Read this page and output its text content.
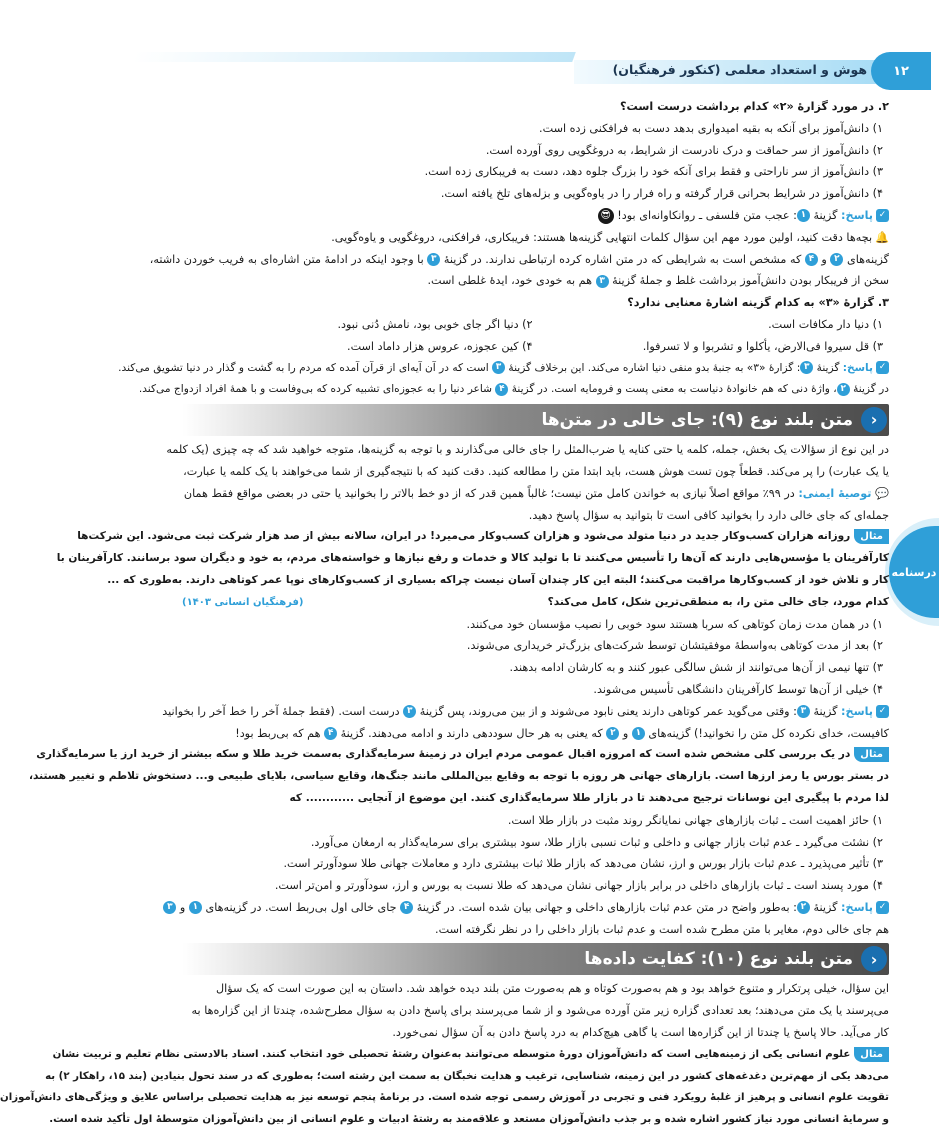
هوش و استعداد معلمی (کنکور فرهنگیان)	۱۲
درسنامه
۲. در مورد گزارهٔ «۲» کدام برداشت درست است؟
۱) دانش‌آموز برای آنکه به بقیه امیدواری بدهد دست به فرافکنی زده است.
۲) دانش‌آموز از سر حماقت و درک نادرست از شرایط، به دروغگویی روی آورده است.
۳) دانش‌آموز از سر ناراحتی و فقط برای آنکه خود را بزرگ جلوه دهد، دست به فریبکاری زده است.
۴) دانش‌آموز در شرایط بحرانی قرار گرفته و راه فرار را در یاوه‌گویی و بزله‌های تلخ یافته است.
✓پاسخ: گزینهٔ ۱: عجب متن فلسفی ـ روانکاوانه‌ای بود! 😎
🔔بچه‌ها دقت کنید، اولین مورد مهم این سؤال کلمات انتهایی گزینه‌ها هستند: فریبکاری، فرافکنی، دروغگویی و یاوه‌گویی.
گزینه‌های ۲ و ۴ که مشخص است به شرایطی که در متن اشاره کرده ارتباطی ندارند. در گزینهٔ ۳ با وجود اینکه در ادامهٔ متن اشاره‌ای به فریب خوردن داشته،
سخن از فریبکار بودن دانش‌آموز برداشت غلط و جملهٔ گزینهٔ ۳ هم به خودی خود، ایدهٔ غلطی است.
۳. گزارهٔ «۳» به کدام گزینه اشارهٔ معنایی ندارد؟
۱) دنیا دار مکافات است.
۲) دنیا اگر جای خوبی بود، نامش دُنی نبود.
۳) قل سیروا فی‌الارض، یأکلوا و تشربوا و لا تسرفوا.
۴) کین عجوزه، عروس هزار داماد است.
✓پاسخ: گزینهٔ ۳: گزارهٔ «۳» به جنبهٔ بدو منفی دنیا اشاره می‌کند. این برخلاف گزینهٔ ۳ است که در آن آیه‌ای از قرآن آمده که مردم را به گشت و گذار در دنیا تشویق می‌کند.
در گزینهٔ ۲، واژهٔ دنی که هم خانوادهٔ دنیاست به معنی پست و فرومایه است. در گزینهٔ ۴ شاعر دنیا را به عجوزه‌ای تشبیه کرده که بی‌وفاست و با همهٔ افراد ازدواج می‌کند.
‹
متن بلند نوع (۹): جای خالی در متن‌ها
در این نوع از سؤالات یک بخش، جمله، کلمه یا حتی کنایه یا ضرب‌المثل را جای خالی می‌گذارند و با توجه به گزینه‌ها، متوجه خواهید شد که چه چیزی (یک کلمه
یا یک عبارت) را پر می‌کند. قطعاً چون تست هوش هست، باید ابتدا متن را مطالعه کنید. دقت کنید که با نتیجه‌گیری از شما می‌خواهند با یک کلمه یا عبارت،
💬 توصیهٔ ایمنی: در ۹۹٪ مواقع اصلاً نیازی به خواندن کامل متن نیست؛ غالباً همین قدر که از دو خط بالاتر را بخوانید یا حتی در بعضی مواقع فقط همان
جمله‌ای که جای خالی دارد را بخوانید کافی است تا بتوانید به سؤال پاسخ دهید.
مثالروزانه هزاران کسب‌وکار جدید در دنیا متولد می‌شود و هزاران کسب‌وکار می‌میرد! در ایران، سالانه بیش از صد هزار شرکت ثبت می‌شود. این شرکت‌ها
کارآفرینان یا مؤسس‌هایی دارند که آن‌ها را تأسیس می‌کنند تا با تولید کالا و خدمات و رفع نیازها و خواسته‌های مردم، به خود و دیگران سود برسانند. کارآفرینان با
کار و تلاش خود از کسب‌وکارها مراقبت می‌کنند؛ البته این کار چندان آسان نیست چراکه بسیاری از کسب‌وکارهای نوپا عمر کوتاهی دارند. به‌طوری که ...
کدام مورد، جای خالی متن را، به منطقی‌ترین شکل، کامل می‌کند؟
(فرهنگیان انسانی ۱۴۰۳)
۱) در همان مدت زمان کوتاهی که سربا هستند سود خوبی را نصیب مؤسسان خود می‌کنند.
۲) بعد از مدت کوتاهی به‌واسطهٔ موفقیتشان توسط شرکت‌های بزرگ‌تر خریداری می‌شوند.
۳) تنها نیمی از آن‌ها می‌توانند از شش سالگی عبور کنند و به کارشان ادامه بدهند.
۴) خیلی از آن‌ها توسط کارآفرینان دانشگاهی تأسیس می‌شوند.
✓پاسخ: گزینهٔ ۳: وقتی می‌گوید عمر کوتاهی دارند یعنی نابود می‌شوند و از بین می‌روند، پس گزینهٔ ۳ درست است. (فقط جملهٔ آخر را خط آخر را بخوانید
کافیست، خدای نکرده کل متن را نخوانید!) گزینه‌های ۱ و ۲ که یعنی به هر حال سوددهی دارند و ادامه می‌دهند. گزینهٔ ۴ هم که بی‌ربط بود!
مثالدر یک بررسی کلی مشخص شده است که امروزه اقبال عمومی مردم ایران در زمینهٔ سرمایه‌گذاری به‌سمت خرید طلا و سکه بیشتر از خرید ارز یا سرمایه‌گذاری
در بستر بورس یا رمز ارزها است. بازارهای جهانی هر روزه با توجه به وقایع بین‌المللی مانند جنگ‌ها، وقایع سیاسی، بلایای طبیعی و... دستخوش تلاطم و تغییر هستند،
لذا مردم با پیگیری این نوسانات ترجیح می‌دهند تا در بازار طلا سرمایه‌گذاری کنند. این موضوع از آنجایی ............ که
۱) حائز اهمیت است ـ ثبات بازارهای جهانی نمایانگر روند مثبت در بازار طلا است.
۲) نشئت می‌گیرد ـ عدم ثبات بازار جهانی و داخلی و ثبات نسبی بازار طلا، سود بیشتری برای سرمایه‌گذار به ارمغان می‌آورد.
۳) تأثیر می‌پذیرد ـ عدم ثبات بازار بورس و ارز، نشان می‌دهد که بازار طلا ثبات بیشتری دارد و معاملات جهانی طلا سودآورتر است.
۴) مورد پسند است ـ ثبات بازارهای داخلی در برابر بازار جهانی نشان می‌دهد که طلا نسبت به بورس و ارز، سودآورتر و امن‌تر است.
✓پاسخ: گزینهٔ ۲: به‌طور واضح در متن عدم ثبات بازارهای داخلی و جهانی بیان شده است. در گزینهٔ ۴ جای خالی اول بی‌ربط است. در گزینه‌های ۱ و ۳
هم جای خالی دوم، مغایر با متن مطرح شده است و عدم ثبات بازار داخلی را در نظر نگرفته است.
‹
متن بلند نوع (۱۰): کفایت داده‌ها
این سؤال، خیلی پرتکرار و متنوع خواهد بود و هم به‌صورت کوتاه و هم به‌صورت متن بلند دیده خواهد شد. داستان به این صورت است که یک سؤال
می‌پرسند یا یک متن می‌دهند؛ بعد تعدادی گزاره زیر متن آورده می‌شود و از شما می‌پرسند برای پاسخ دادن به سؤال مطرح‌شده، چندتا از این گزاره‌ها به
کار می‌آید. حالا پاسخ یا چندتا از این گزاره‌ها است یا گاهی هیچ‌کدام به درد پاسخ دادن به آن سؤال نمی‌خورد.
مثالعلوم انسانی یکی از زمینه‌هایی است که دانش‌آموزان دورهٔ متوسطه می‌توانند به‌عنوان رشتهٔ تحصیلی خود انتخاب کنند. اسناد بالادستی نظام تعلیم و تربیت نشان
می‌دهد یکی از مهم‌ترین دغدغه‌های کشور در این زمینه، شناسایی، ترغیب و هدایت نخبگان به سمت این رشته است؛ به‌طوری که در سند تحول بنیادین (بند ۱۵، راهکار ۲) به
تقویت علوم انسانی و پرهیز از غلبهٔ رویکرد فنی و تجربی در آموزش رسمی توجه شده است. در برنامهٔ پنجم توسعه نیز به هدایت تحصیلی براساس علایق و ویژگی‌های دانش‌آموزان
و سرمایهٔ انسانی مورد نیاز کشور اشاره شده و بر جذب دانش‌آموزان مستعد و علاقه‌مند به رشتهٔ ادبیات و علوم انسانی از بین دانش‌آموزان متوسطهٔ اول تأکید شده است.
